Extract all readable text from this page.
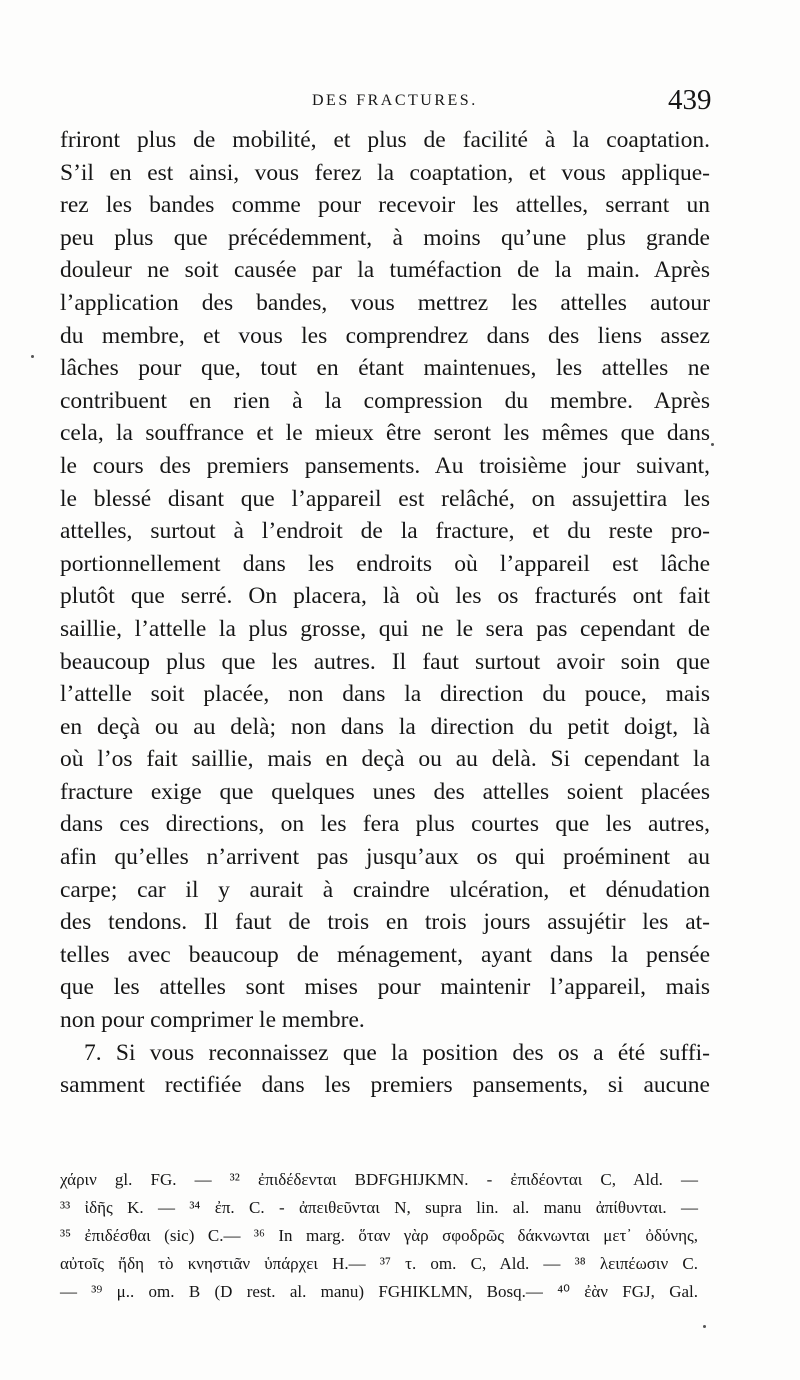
DES FRACTURES.	439
friront plus de mobilité, et plus de facilité à la coaptation.
S’il en est ainsi, vous ferez la coaptation, et vous applique-
rez les bandes comme pour recevoir les attelles, serrant un
peu plus que précédemment, à moins qu’une plus grande
douleur ne soit causée par la tuméfaction de la main. Après
l’application des bandes, vous mettrez les attelles autour
du membre, et vous les comprendrez dans des liens assez
lâches pour que, tout en étant maintenues, les attelles ne
contribuent en rien à la compression du membre. Après
cela, la souffrance et le mieux être seront les mêmes que dans
le cours des premiers pansements. Au troisième jour suivant,
le blessé disant que l’appareil est relâché, on assujettira les
attelles, surtout à l’endroit de la fracture, et du reste pro-
portionnellement dans les endroits où l’appareil est lâche
plutôt que serré. On placera, là où les os fracturés ont fait
saillie, l’attelle la plus grosse, qui ne le sera pas cependant de
beaucoup plus que les autres. Il faut surtout avoir soin que
l’attelle soit placée, non dans la direction du pouce, mais
en deçà ou au delà; non dans la direction du petit doigt, là
où l’os fait saillie, mais en deçà ou au delà. Si cependant la
fracture exige que quelques unes des attelles soient placées
dans ces directions, on les fera plus courtes que les autres,
afin qu’elles n’arrivent pas jusqu’aux os qui proéminent au
carpe; car il y aurait à craindre ulcération, et dénudation
des tendons. Il faut de trois en trois jours assujétir les at-
telles avec beaucoup de ménagement, ayant dans la pensée
que les attelles sont mises pour maintenir l’appareil, mais
non pour comprimer le membre.
7. Si vous reconnaissez que la position des os a été suffi-
samment rectifiée dans les premiers pansements, si aucune
χάριν gl. FG. — ³² ἐπιδέδενται BDFGHIJKMN. - ἐπιδέονται C, Ald. —
³³ ἰδῆς K. — ³⁴ ἐπ. C. - ἀπειθεῦνται N, supra lin. al. manu ἀπίθυνται. —
³⁵ ἐπιδέσθαι (sic) C.— ³⁶ In marg. ὅταν γὰρ σφοδρῶς δάκνωνται μετ᾽ ὀδύνης,
αὐτοῖς ἤδη τὸ κνηστιᾶν ὑπάρχει H.— ³⁷ τ. om. C, Ald. — ³⁸ λειπέωσιν C.
— ³⁹ μ.. om. B (D rest. al. manu) FGHIKLMN, Bosq.— ⁴⁰ ἐὰν FGJ, Gal.
